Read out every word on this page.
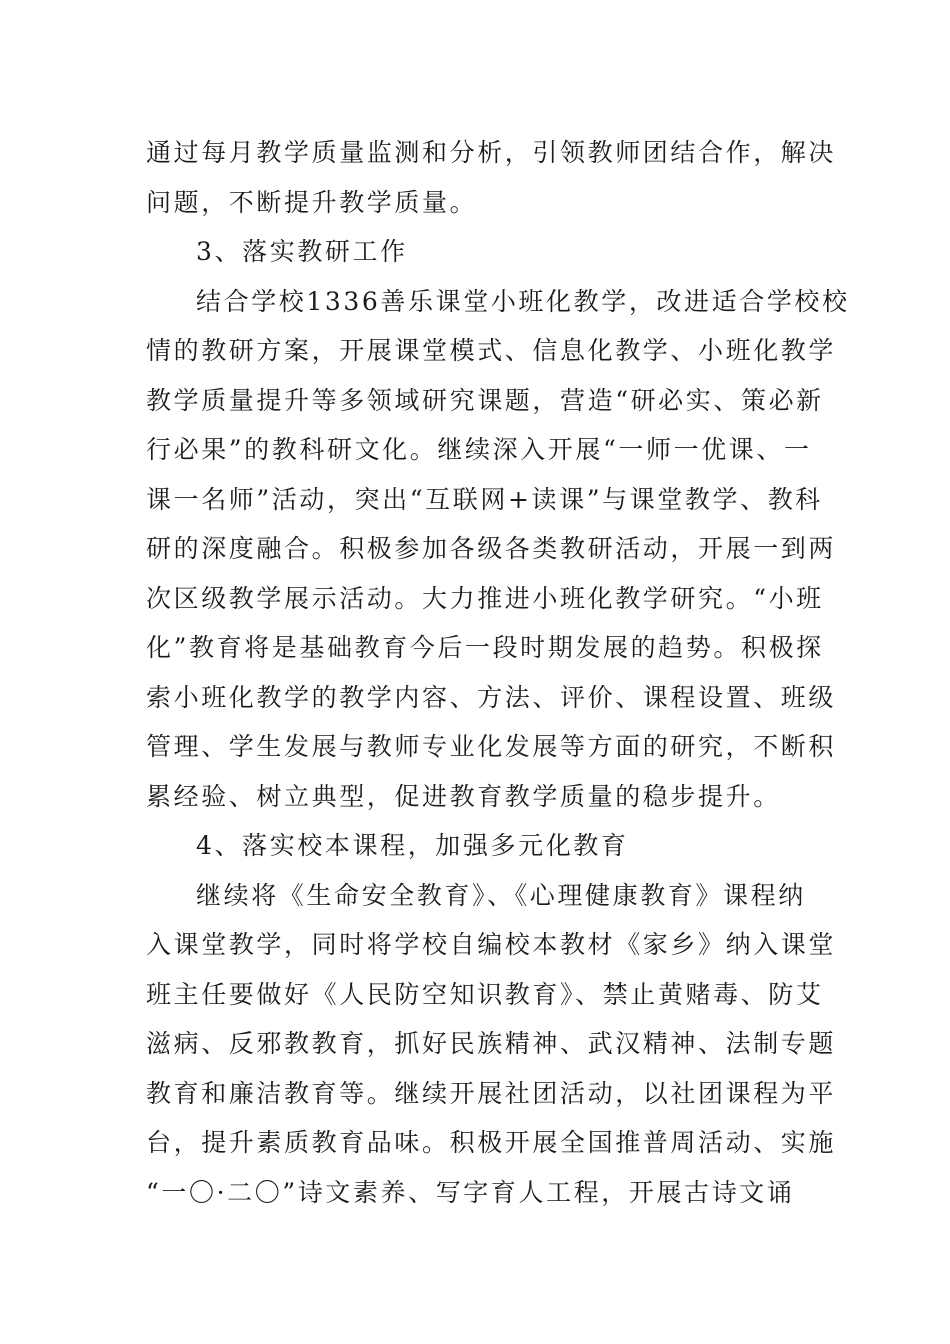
通过每月教学质量监测和分析，引领教师团结合作，解决
问题，不断提升教学质量。
3、落实教研工作
结合学校1336善乐课堂小班化教学，改进适合学校校
情的教研方案，开展课堂模式、信息化教学、小班化教学
教学质量提升等多领域研究课题，营造“研必实、策必新
行必果”的教科研文化。继续深入开展“一师一优课、一
课一名师”活动，突出“互联网+读课”与课堂教学、教科
研的深度融合。积极参加各级各类教研活动，开展一到两
次区级教学展示活动。大力推进小班化教学研究。“小班
化”教育将是基础教育今后一段时期发展的趋势。积极探
索小班化教学的教学内容、方法、评价、课程设置、班级
管理、学生发展与教师专业化发展等方面的研究，不断积
累经验、树立典型，促进教育教学质量的稳步提升。
4、落实校本课程，加强多元化教育
继续将《生命安全教育》、《心理健康教育》课程纳
入课堂教学，同时将学校自编校本教材《家乡》纳入课堂
班主任要做好《人民防空知识教育》、禁止黄赌毒、防艾
滋病、反邪教教育，抓好民族精神、武汉精神、法制专题
教育和廉洁教育等。继续开展社团活动，以社团课程为平
台，提升素质教育品味。积极开展全国推普周活动、实施
“一〇·二〇”诗文素养、写字育人工程，开展古诗文诵
